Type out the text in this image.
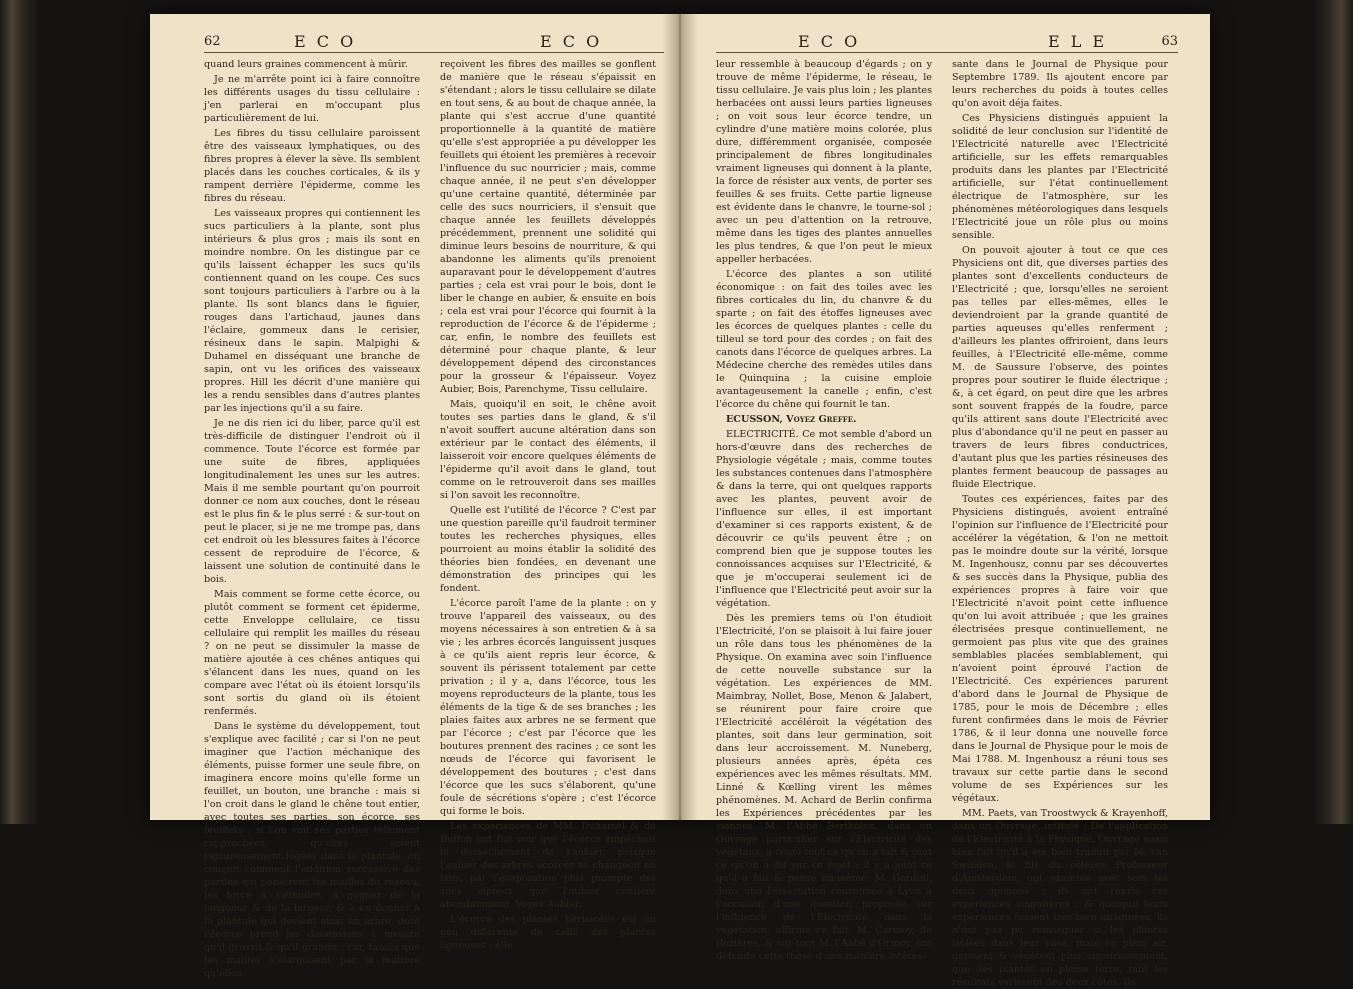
62	E C O	E C O

quand leurs graines commencent à mûrir.

Je ne m'arrête point ici à faire connoître les différents usages du tissu cellulaire : j'en parlerai en m'occupant plus particulièrement de lui.

Les fibres du tissu cellulaire paroissent être des vaisseaux lymphatiques, ou des fibres propres à élever la sève. Ils semblent placés dans les couches corticales, & ils y rampent derrière l'épiderme, comme les fibres du réseau.

Les vaisseaux propres qui contiennent les sucs particuliers à la plante, sont plus intérieurs & plus gros ; mais ils sont en moindre nombre. On les distingue par ce qu'ils laissent échapper les sucs qu'ils contiennent quand on les coupe. Ces sucs sont toujours particuliers à l'arbre ou à la plante. Ils sont blancs dans le figuier, rouges dans l'artichaud, jaunes dans l'éclaire, gommeux dans le cerisier, résineux dans le sapin. Malpighi & Duhamel en disséquant une branche de sapin, ont vu les orifices des vaisseaux propres. Hill les décrit d'une manière qui les a rendu sensibles dans d'autres plantes par les injections qu'il a su faire.

Je ne dis rien ici du liber, parce qu'il est très-difficile de distinguer l'endroit où il commence. Toute l'écorce est formée par une suite de fibres, appliquées longitudinalement les unes sur les autres. Mais il me semble pourtant qu'on pourroit donner ce nom aux couches, dont le réseau est le plus fin & le plus serré : & sur-tout on peut le placer, si je ne me trompe pas, dans cet endroit où les blessures faites à l'écorce cessent de reproduire de l'écorce, & laissent une solution de continuité dans le bois.

Mais comment se forme cette écorce, ou plutôt comment se forment cet épiderme, cette Enveloppe cellulaire, ce tissu cellulaire qui remplit les mailles du réseau ? on ne peut se dissimuler la masse de matière ajoutée à ces chênes antiques qui s'élancent dans les nues, quand on les compare avec l'état où ils étoient lorsqu'ils sont sortis du gland où ils étoient renfermés.

Dans le système du développement, tout s'explique avec facilité ; car si l'on ne peut imaginer que l'action méchanique des éléments, puisse former une seule fibre, on imaginera encore moins qu'elle forme un feuillet, un bouton, une branche : mais si l'on croit dans le gland le chêne tout entier, avec toutes ses parties, son écorce, ses feuillets ; si l'on voit ses parties tellement rapprochées, qu'elles soient rigoureusement logées dans la plantule, on conçoit comment l'addition successive des parties qui pénètrent les mailles du réseau, les force à s'étendre, à gagner de la longueur & de la largeur, & à en donner à la plantule qui devient ainsi un arbre, dont l'écorce prend les dimensions à mesure qu'il grossit & qu'il grandit ; car, tandis que les mailles s'élargissent par la matière qu'elles

reçoivent les fibres des mailles se gonflent de manière que le réseau s'épaissit en s'étendant ; alors le tissu cellulaire se dilate en tout sens, & au bout de chaque année, la plante qui s'est accrue d'une quantité proportionnelle à la quantité de matière qu'elle s'est appropriée a pu développer les feuillets qui étoient les premières à recevoir l'influence du suc nourricier ; mais, comme chaque année, il ne peut s'en développer qu'une certaine quantité, déterminée par celle des sucs nourriciers, il s'ensuit que chaque année les feuillets développés précédemment, prennent une solidité qui diminue leurs besoins de nourriture, & qui abandonne les aliments qu'ils prenoient auparavant pour le développement d'autres parties ; cela est vrai pour le bois, dont le liber le change en aubier, & ensuite en bois ; cela est vrai pour l'écorce qui fournit à la reproduction de l'écorce & de l'épiderme ; car, enfin, le nombre des feuillets est déterminé pour chaque plante, & leur développement dépend des circonstances pour la grosseur & l'épaisseur. Voyez Aubier, Bois, Parenchyme, Tissu cellulaire.

Mais, quoiqu'il en soit, le chêne avoit toutes ses parties dans le gland, & s'il n'avoit souffert aucune altération dans son extérieur par le contact des éléments, il laisseroit voir encore quelques éléments de l'épiderme qu'il avoit dans le gland, tout comme on le retrouveroit dans ses mailles si l'on savoit les reconnoître.

Quelle est l'utilité de l'écorce ? C'est par une question pareille qu'il faudroit terminer toutes les recherches physiques, elles pourroient au moins établir la solidité des théories bien fondées, en devenant une démonstration des principes qui les fondent.

L'écorce paroît l'ame de la plante : on y trouve l'appareil des vaisseaux, ou des moyens nécessaires à son entretien & à sa vie ; les arbres écorcés languissent jusques à ce qu'ils aient repris leur écorce, & souvent ils périssent totalement par cette privation ; il y a, dans l'écorce, tous les moyens reproducteurs de la plante, tous les éléments de la tige & de ses branches ; les plaies faites aux arbres ne se ferment que par l'écorce ; c'est par l'écorce que les boutures prennent des racines ; ce sont les nœuds de l'écorce qui favorisent le développement des boutures ; c'est dans l'écorce que les sucs s'élaborent, qu'une foule de sécrétions s'opère ; c'est l'écorce qui forme le bois.

Les expériences de MM. Duhamel & de Buffon ont fait voir que l'écorce empêchoit le dessèchement de l'aubier, puisque l'aubier des arbres écorcés se changeoit en bois, par l'évaporation plus prompte des sucs aqueux que l'aubier contient abondamment. Voyez Aubier.

L'écorce des plantes herbacées est un peu différente de celle des plantes ligneuses : elle

E C O	E L E	63

leur ressemble à beaucoup d'égards ; on y trouve de même l'épiderme, le réseau, le tissu cellulaire. Je vais plus loin ; les plantes herbacées ont aussi leurs parties ligneuses ; on voit sous leur écorce tendre, un cylindre d'une matière moins colorée, plus dure, différemment organisée, composée principalement de fibres longitudinales vraiment ligneuses qui donnent à la plante, la force de résister aux vents, de porter ses feuilles & ses fruits. Cette partie ligneuse est évidente dans le chanvre, le tourne-sol ; avec un peu d'attention on la retrouve, même dans les tiges des plantes annuelles les plus tendres, & que l'on peut le mieux appeller herbacées.

L'écorce des plantes a son utilité économique : on fait des toiles avec les fibres corticales du lin, du chanvre & du sparte ; on fait des étoffes ligneuses avec les écorces de quelques plantes : celle du tilleul se tord pour des cordes ; on fait des canots dans l'écorce de quelques arbres. La Médecine cherche des remèdes utiles dans le Quinquina ; la cuisine emploie avantageusement la canelle ; enfin, c'est l'écorce du chêne qui fournit le tan.

ECUSSON, Voyez Greffe.

ELECTRICITÉ. Ce mot semble d'abord un hors-d'œuvre dans des recherches de Physiologie végétale ; mais, comme toutes les substances contenues dans l'atmosphère & dans la terre, qui ont quelques rapports avec les plantes, peuvent avoir de l'influence sur elles, il est important d'examiner si ces rapports existent, & de découvrir ce qu'ils peuvent être ; on comprend bien que je suppose toutes les connoissances acquises sur l'Electricité, & que je m'occuperai seulement ici de l'influence que l'Electricité peut avoir sur la végétation.

Dès les premiers tems où l'on étudioit l'Electricité, l'on se plaisoit à lui faire jouer un rôle dans tous les phénomènes de la Physique. On examina avec soin l'influence de cette nouvelle substance sur la végétation. Les expériences de MM. Maimbray, Nollet, Bose, Menon & Jalabert, se réunirent pour faire croire que l'Electricité accéléroit la végétation des plantes, soit dans leur germination, soit dans leur accroissement. M. Nuneberg, plusieurs années après, épéta ces expériences avec les mêmes résultats. MM. Linné & Kœlling virent les mêmes phénomènes. M. Achard de Berlin confirma les Expériences précédentes par les siennes. M. l'Abbé Bertholon, dans un Ouvrage particulier sur l'Electricité des végétaux, a réuni tout ce qu'on a fait & tout ce qu'on a dit sur ce sujet ; il y a joint ce qu'il a fait & pensé lui-même. M. Gardini, dans une Dissertation couronnée à Lyon à l'occasion d'une question proposée sur l'influence de l'Electricité dans la végétation, affirme ce fait. M. Carmoy, de Rozières, & sur-tout M. l'Abbé d'Ormoy, ont défendu cette thèse d'une manière intéres-

sante dans le Journal de Physique pour Septembre 1789. Ils ajoutent encore par leurs recherches du poids à toutes celles qu'on avoit déja faites.

Ces Physiciens distingués appuient la solidité de leur conclusion sur l'identité de l'Electricité naturelle avec l'Electricité artificielle, sur les effets remarquables produits dans les plantes par l'Electricité artificielle, sur l'état continuellement électrique de l'atmosphère, sur les phénomènes météorologiques dans lesquels l'Electricité joue un rôle plus ou moins sensible.

On pouvoit ajouter à tout ce que ces Physiciens ont dit, que diverses parties des plantes sont d'excellents conducteurs de l'Electricité ; que, lorsqu'elles ne seroient pas telles par elles-mêmes, elles le deviendroient par la grande quantité de parties aqueuses qu'elles renferment ; d'ailleurs les plantes offriroient, dans leurs feuilles, à l'Electricité elle-même, comme M. de Saussure l'observe, des pointes propres pour soutirer le fluide électrique ; &, à cet égard, on peut dire que les arbres sont souvent frappés de la foudre, parce qu'ils attirent sans doute l'Electricité avec plus d'abondance qu'il ne peut en passer au travers de leurs fibres conductrices, d'autant plus que les parties résineuses des plantes ferment beaucoup de passages au fluide Electrique.

Toutes ces expériences, faites par des Physiciens distingués, avoient entraîné l'opinion sur l'influence de l'Electricité pour accélérer la végétation, & l'on ne mettoit pas le moindre doute sur la vérité, lorsque M. Ingenhousz, connu par ses découvertes & ses succès dans la Physique, publia des expériences propres à faire voir que l'Electricité n'avoit point cette influence qu'on lui avoit attribuée ; que les graines électrisées presque continuellement, ne germoient pas plus vite que des graines semblables placées semblablement, qui n'avoient point éprouvé l'action de l'Electricité. Ces expériences parurent d'abord dans le Journal de Physique de 1785, pour le mois de Décembre ; elles furent confirmées dans le mois de Février 1786, & il leur donna une nouvelle force dans le Journal de Physique pour le mois de Mai 1788. M. Ingenhousz a réuni tous ses travaux sur cette partie dans le second volume de ses Expériences sur les végétaux.

MM. Paets, van Troostwyck & Krayenhoff, dans un Ouvrage, intitulé : De l'application de l'Electricité à la Physique, Ouvrage aussi bien fait qu'il a été bien traduit par M. van Swinden, le fils du célèbre Professeur d'Amsterdam, ont examiné avec soin les deux opinions ; ils ont repris ces expériences singulières ; & quoique leurs expériences fussent très-bien imaginées, ils n'ont pas pu remarquer si les plantes isolées dans leur vase, mais en plein air, germent & végètent plus vigoureusement, que des plantes en pleine terre, tant les résultats varièrent des deux côtés. Ils
